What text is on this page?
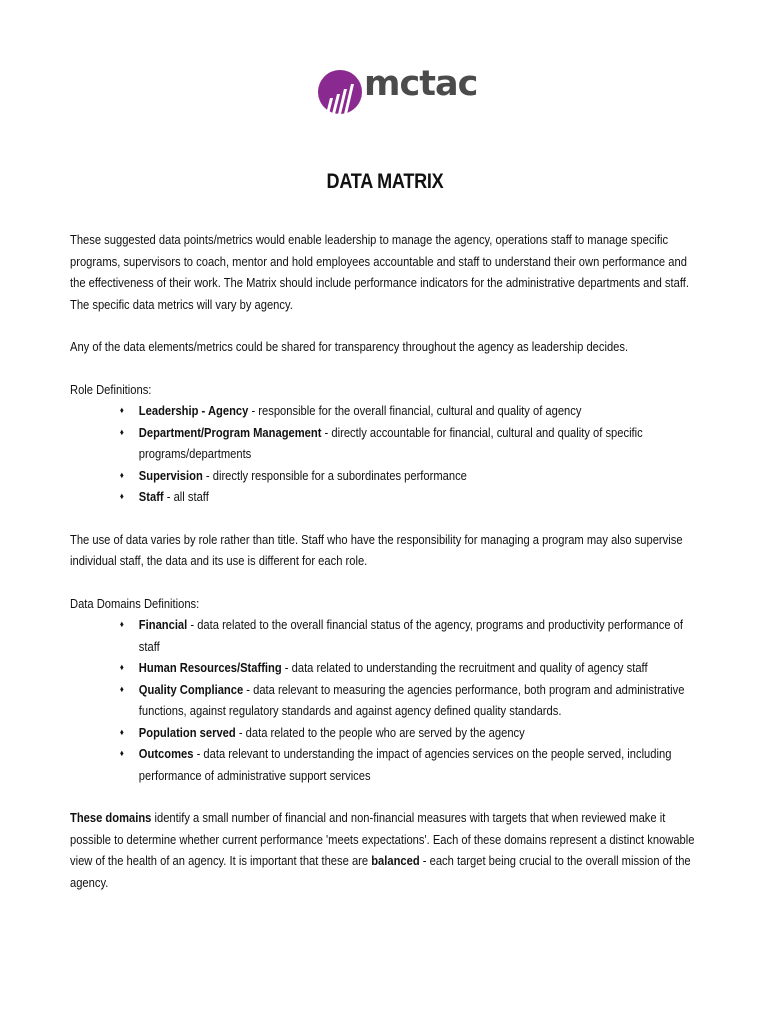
mctac
DATA MATRIX

These suggested data points/metrics would enable leadership to manage the agency, operations staff to manage specific programs, supervisors to coach, mentor and hold employees accountable and staff to understand their own performance and the effectiveness of their work. The Matrix should include performance indicators for the administrative departments and staff. The specific data metrics will vary by agency.

Any of the data elements/metrics could be shared for transparency throughout the agency as leadership decides.

Role Definitions:

♦ Leadership - Agency - responsible for the overall financial, cultural and quality of agency
♦ Department/Program Management - directly accountable for financial, cultural and quality of specific programs/departments
♦ Supervision - directly responsible for a subordinates performance
♦ Staff - all staff

The use of data varies by role rather than title. Staff who have the responsibility for managing a program may also supervise individual staff, the data and its use is different for each role.

Data Domains Definitions:

♦ Financial - data related to the overall financial status of the agency, programs and productivity performance of staff
♦ Human Resources/Staffing - data related to understanding the recruitment and quality of agency staff
♦ Quality Compliance - data relevant to measuring the agencies performance, both program and administrative functions, against regulatory standards and against agency defined quality standards.
♦ Population served - data related to the people who are served by the agency
♦ Outcomes - data relevant to understanding the impact of agencies services on the people served, including performance of administrative support services

These domains identify a small number of financial and non-financial measures with targets that when reviewed make it possible to determine whether current performance 'meets expectations'. Each of these domains represent a distinct knowable view of the health of an agency. It is important that these are balanced - each target being crucial to the overall mission of the agency.
